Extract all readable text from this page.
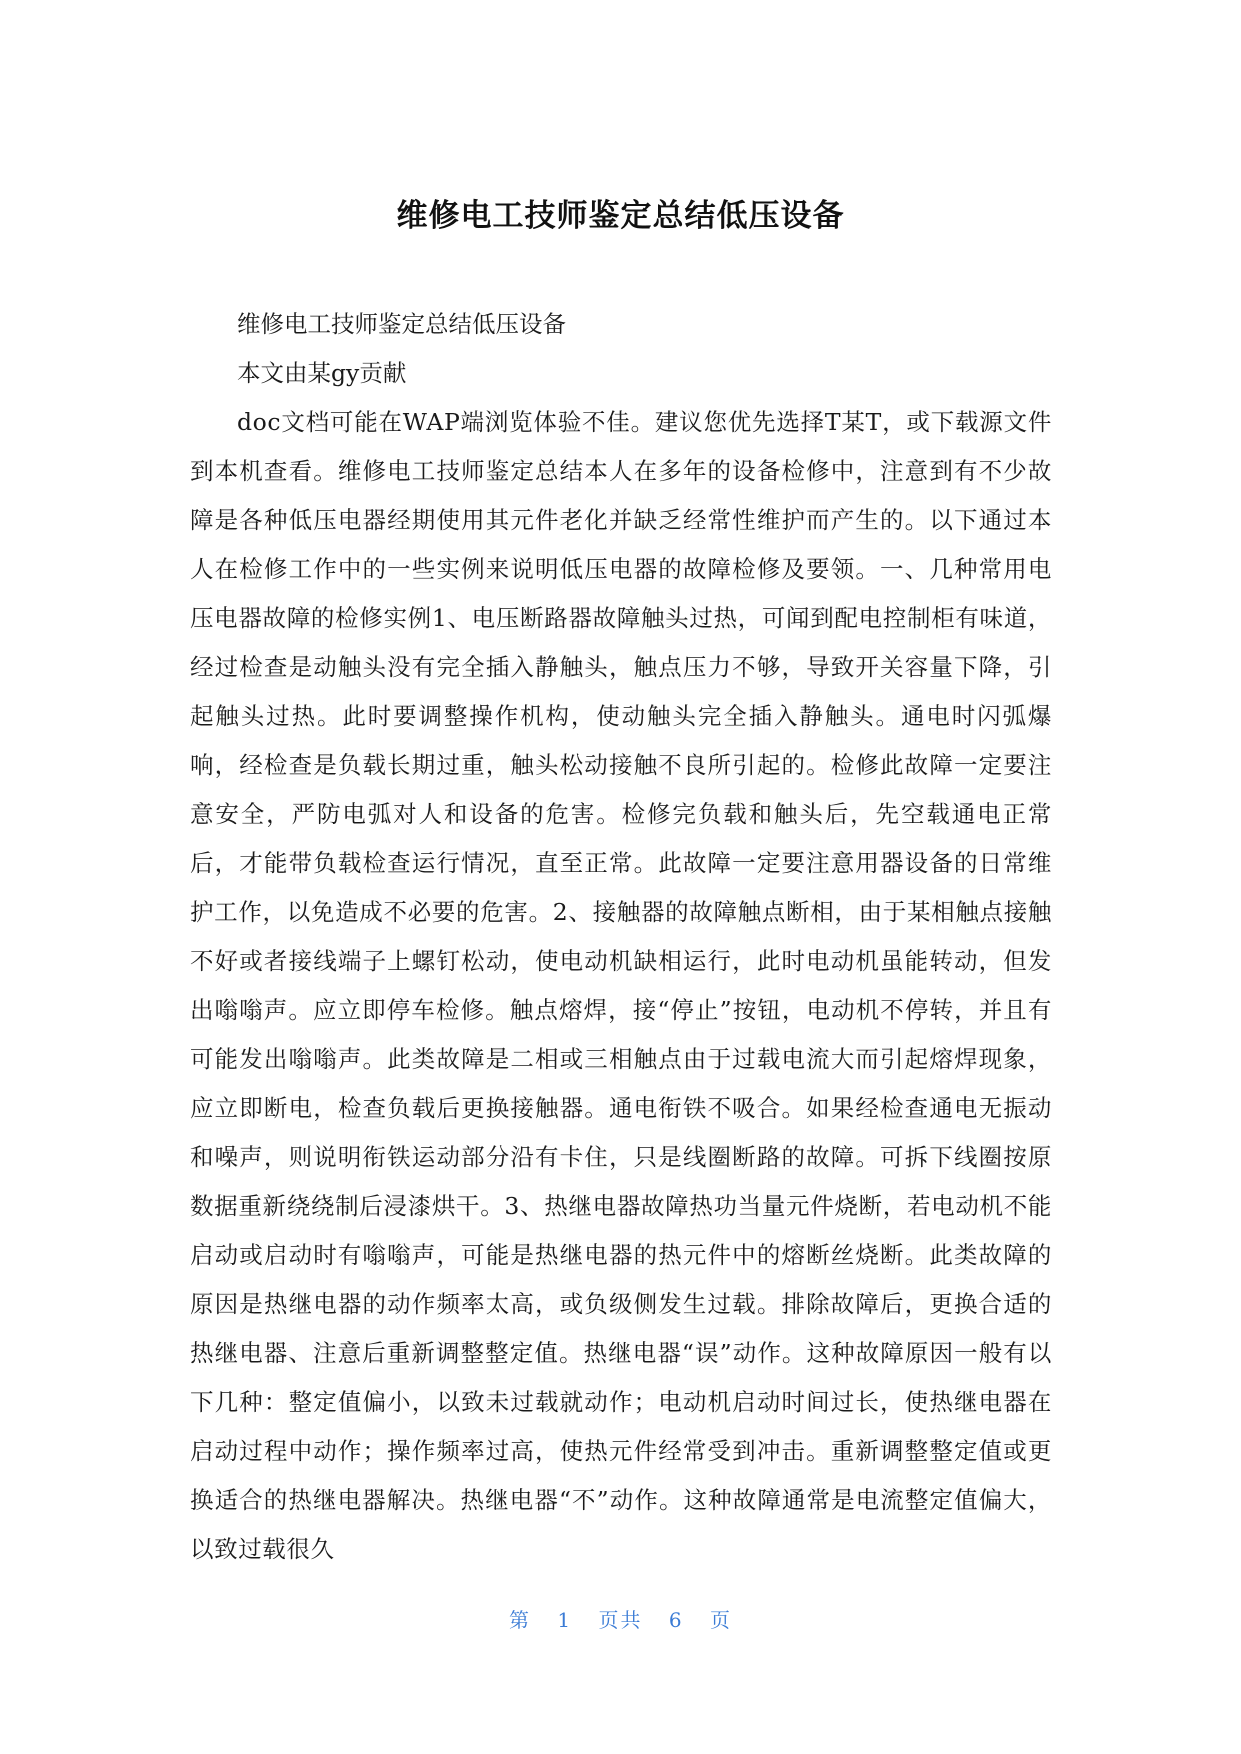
维修电工技师鉴定总结低压设备

维修电工技师鉴定总结低压设备

本文由某gy贡献

doc文档可能在WAP端浏览体验不佳。建议您优先选择T某T，或下载源文件到本机查看。维修电工技师鉴定总结本人在多年的设备检修中，注意到有不少故障是各种低压电器经期使用其元件老化并缺乏经常性维护而产生的。以下通过本人在检修工作中的一些实例来说明低压电器的故障检修及要领。一、几种常用电压电器故障的检修实例1、电压断路器故障触头过热，可闻到配电控制柜有味道，经过检查是动触头没有完全插入静触头，触点压力不够，导致开关容量下降，引起触头过热。此时要调整操作机构，使动触头完全插入静触头。通电时闪弧爆响，经检查是负载长期过重，触头松动接触不良所引起的。检修此故障一定要注意安全，严防电弧对人和设备的危害。检修完负载和触头后，先空载通电正常后，才能带负载检查运行情况，直至正常。此故障一定要注意用器设备的日常维护工作，以免造成不必要的危害。2、接触器的故障触点断相，由于某相触点接触不好或者接线端子上螺钉松动，使电动机缺相运行，此时电动机虽能转动，但发出嗡嗡声。应立即停车检修。触点熔焊，接“停止”按钮，电动机不停转，并且有可能发出嗡嗡声。此类故障是二相或三相触点由于过载电流大而引起熔焊现象，应立即断电，检查负载后更换接触器。通电衔铁不吸合。如果经检查通电无振动和噪声，则说明衔铁运动部分沿有卡住，只是线圈断路的故障。可拆下线圈按原数据重新绕绕制后浸漆烘干。3、热继电器故障热功当量元件烧断，若电动机不能启动或启动时有嗡嗡声，可能是热继电器的热元件中的熔断丝烧断。此类故障的原因是热继电器的动作频率太高，或负级侧发生过载。排除故障后，更换合适的热继电器、注意后重新调整整定值。热继电器“误”动作。这种故障原因一般有以下几种：整定值偏小，以致未过载就动作；电动机启动时间过长，使热继电器在启动过程中动作；操作频率过高，使热元件经常受到冲击。重新调整整定值或更换适合的热继电器解决。热继电器“不”动作。这种故障通常是电流整定值偏大，以致过载很久

第 1 页共 6 页
